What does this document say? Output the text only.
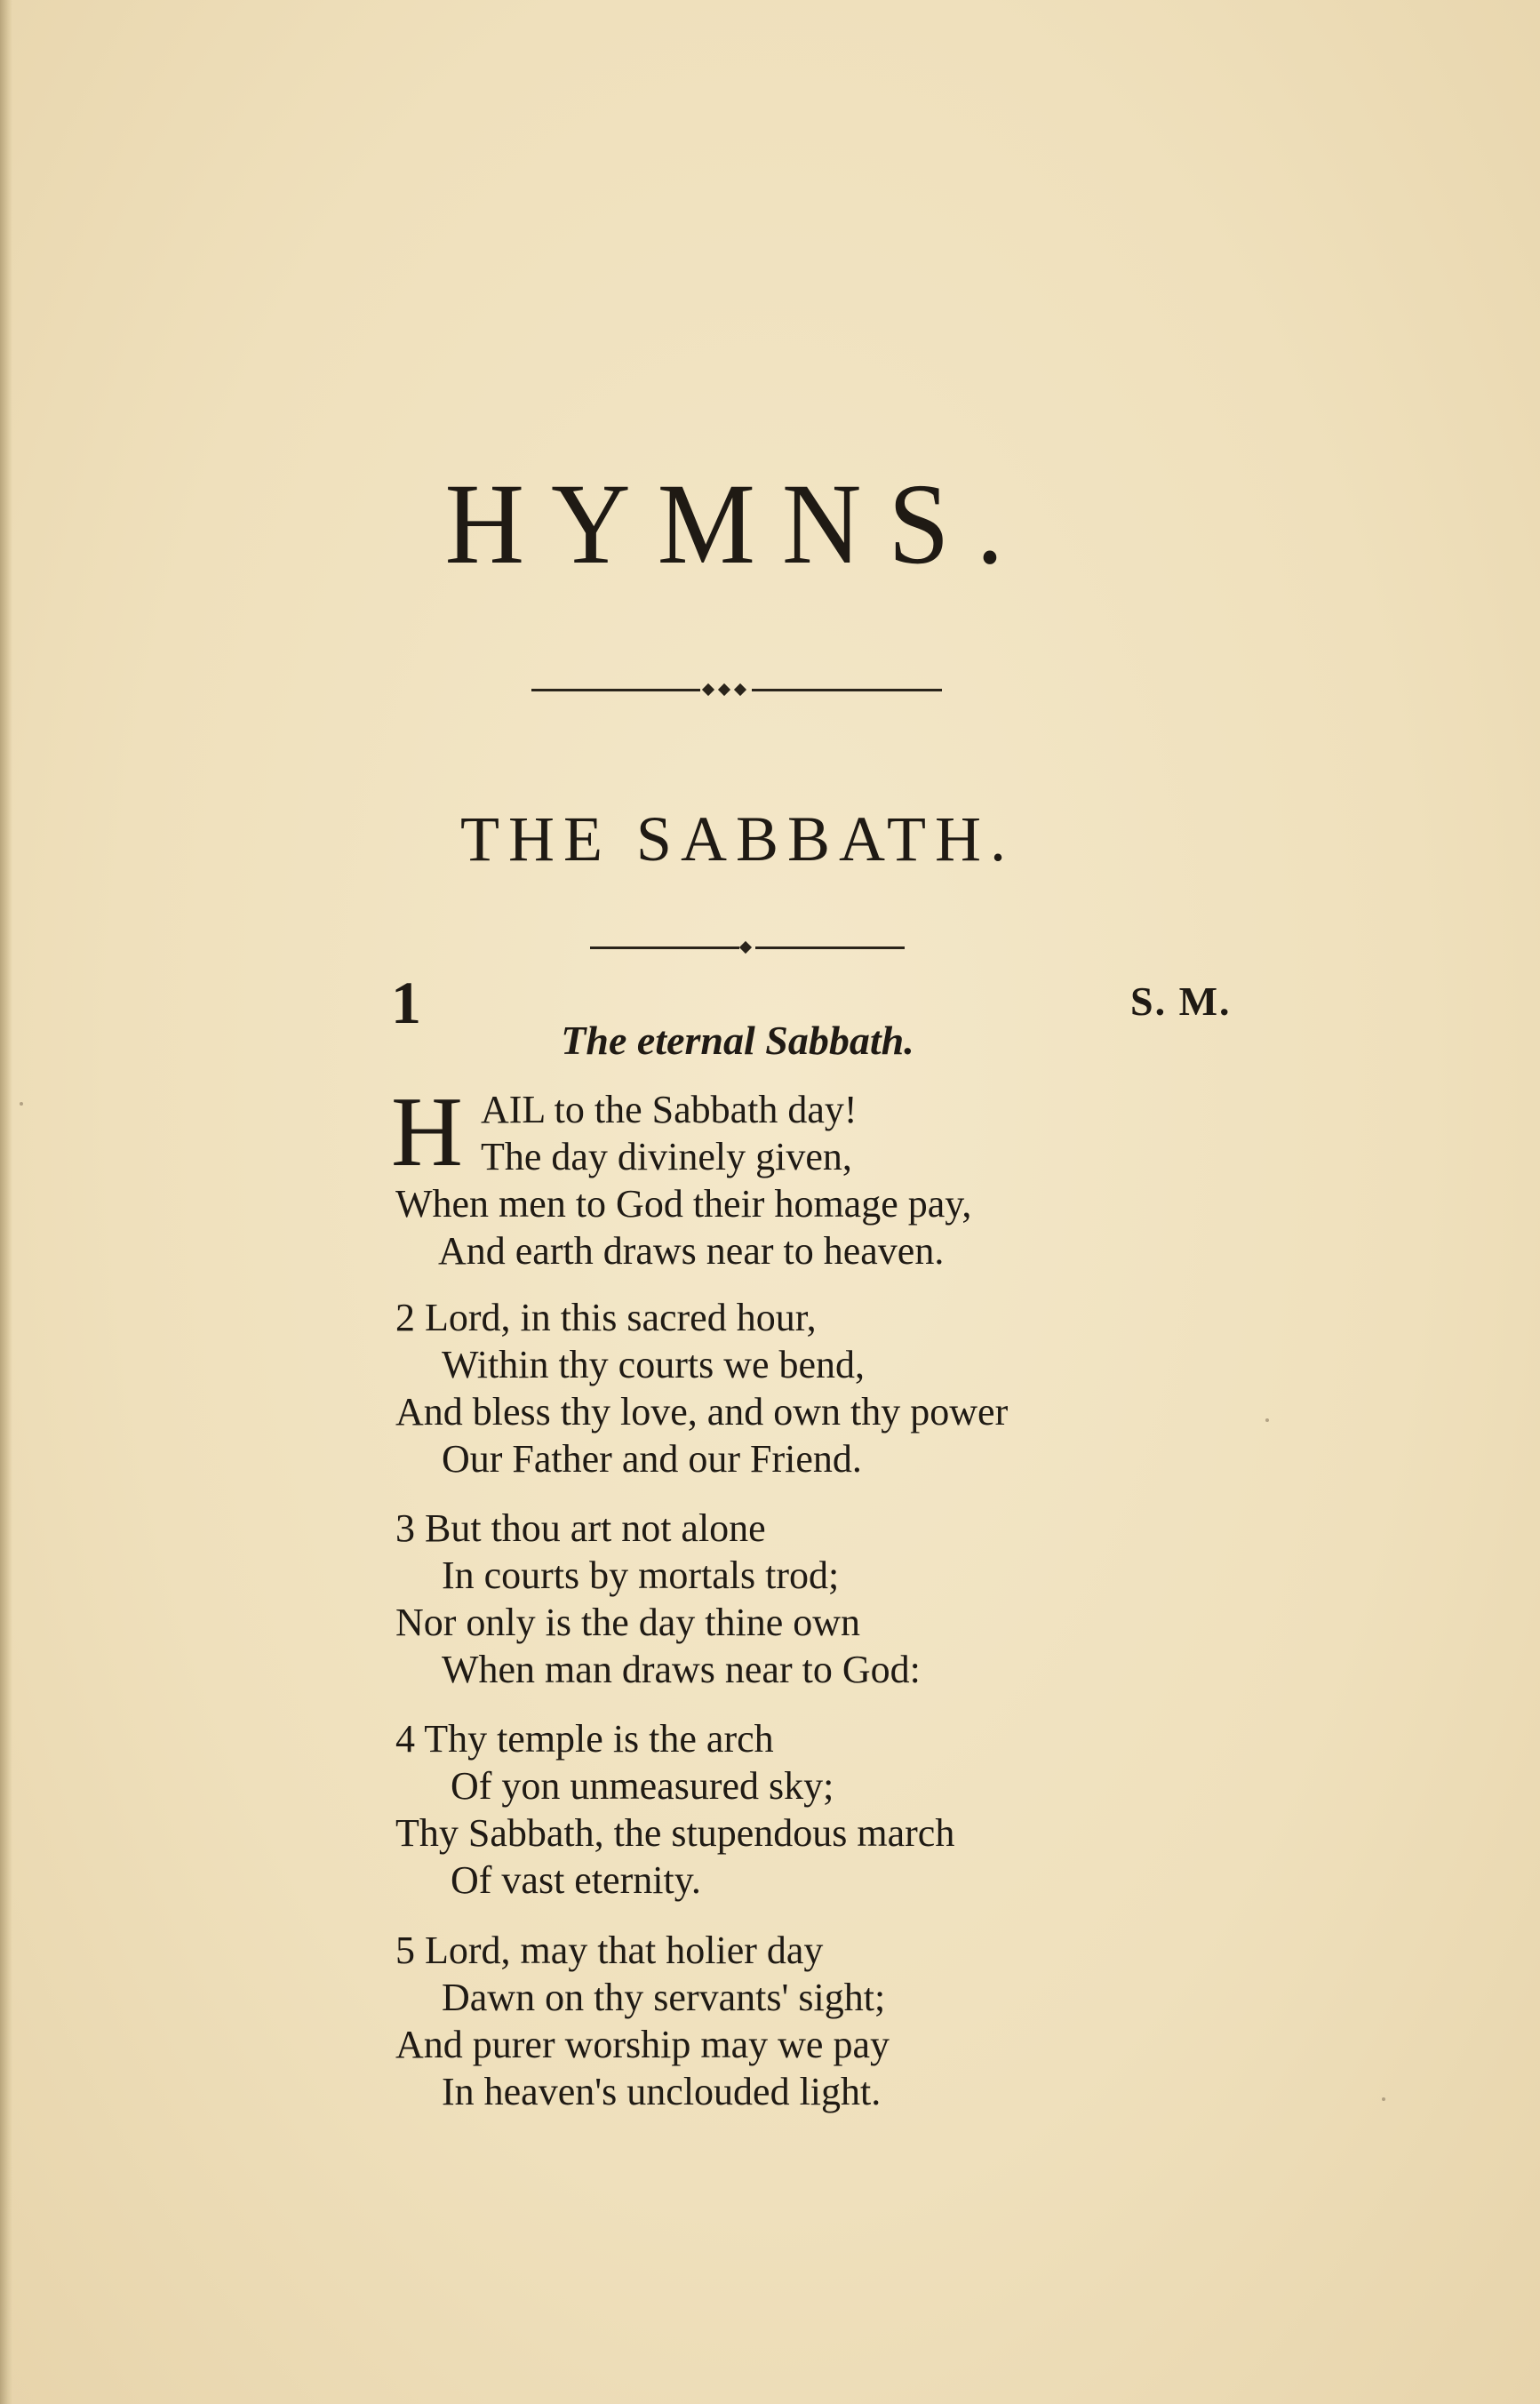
HYMNS.
THE SABBATH.
1	S. M.
The eternal Sabbath.
H AIL to the Sabbath day!
The day divinely given,
When men to God their homage pay,
And earth draws near to heaven.
2 Lord, in this sacred hour,
Within thy courts we bend,
And bless thy love, and own thy power
Our Father and our Friend.
3 But thou art not alone
In courts by mortals trod;
Nor only is the day thine own
When man draws near to God:
4 Thy temple is the arch
Of yon unmeasured sky;
Thy Sabbath, the stupendous march
Of vast eternity.
5 Lord, may that holier day
Dawn on thy servants' sight;
And purer worship may we pay
In heaven's unclouded light.
